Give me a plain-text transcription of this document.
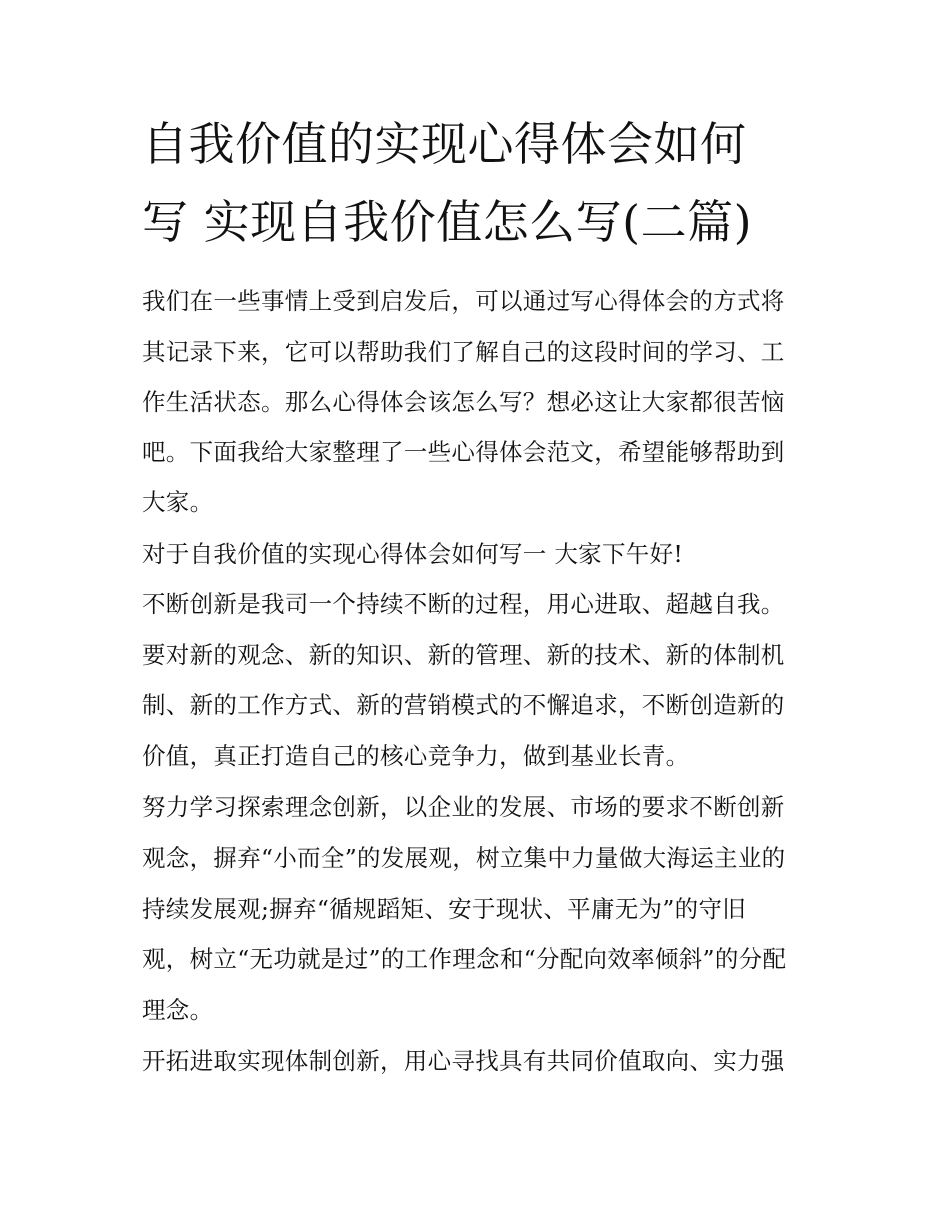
自我价值的实现心得体会如何
写 实现自我价值怎么写(二篇)
我们在一些事情上受到启发后，可以通过写心得体会的方式将
其记录下来，它可以帮助我们了解自己的这段时间的学习、工
作生活状态。那么心得体会该怎么写？想必这让大家都很苦恼
吧。下面我给大家整理了一些心得体会范文，希望能够帮助到
大家。
对于自我价值的实现心得体会如何写一 大家下午好!
不断创新是我司一个持续不断的过程，用心进取、超越自我。
要对新的观念、新的知识、新的管理、新的技术、新的体制机
制、新的工作方式、新的营销模式的不懈追求，不断创造新的
价值，真正打造自己的核心竞争力，做到基业长青。
努力学习探索理念创新，以企业的发展、市场的要求不断创新
观念，摒弃“小而全”的发展观，树立集中力量做大海运主业的
持续发展观;摒弃“循规蹈矩、安于现状、平庸无为”的守旧
观，树立“无功就是过”的工作理念和“分配向效率倾斜”的分配
理念。
开拓进取实现体制创新，用心寻找具有共同价值取向、实力强
